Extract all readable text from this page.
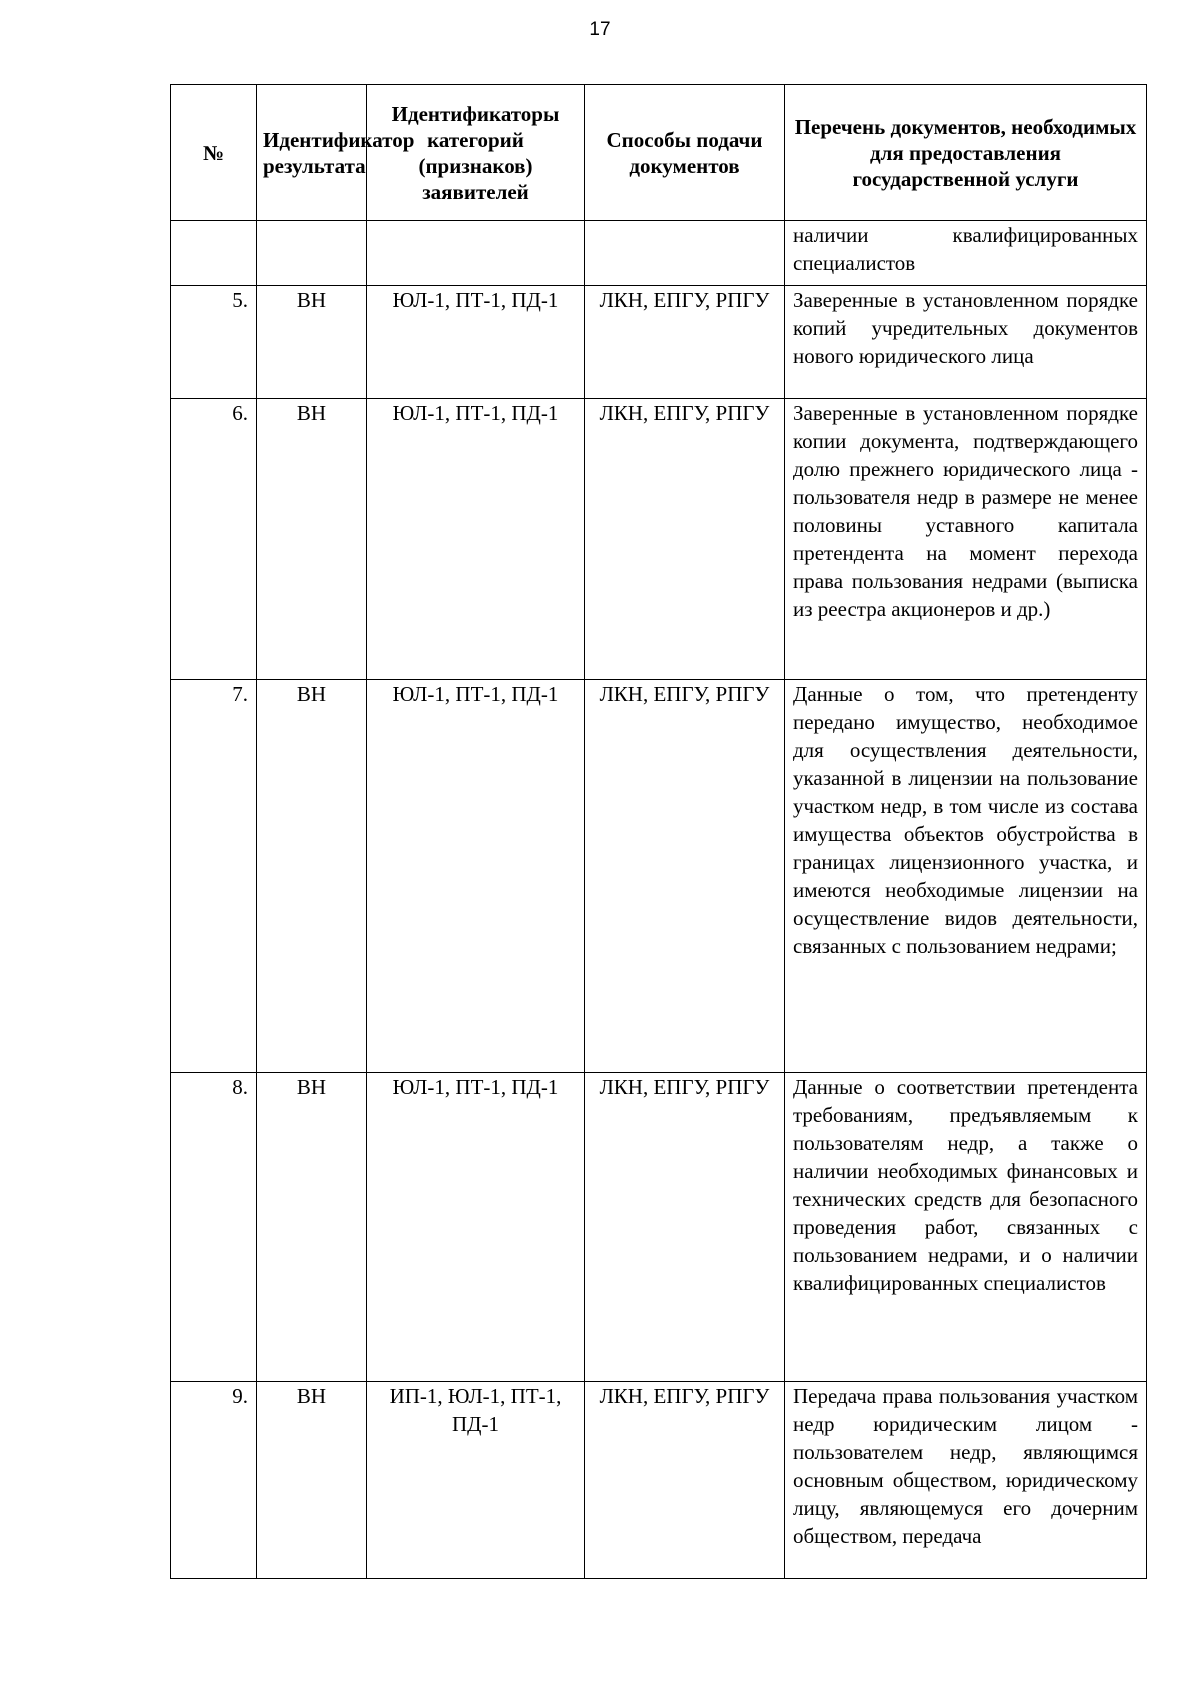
17
№	Идентификатор результата	Идентификаторы категорий (признаков) заявителей	Способы подачи документов	Перечень документов, необходимых для предоставления государственной услуги
				наличии квалифицированных специалистов
5.	ВН	ЮЛ-1, ПТ-1, ПД-1	ЛКН, ЕПГУ, РПГУ	Заверенные в установленном порядке копий учредительных документов нового юридического лица
6.	ВН	ЮЛ-1, ПТ-1, ПД-1	ЛКН, ЕПГУ, РПГУ	Заверенные в установленном порядке копии документа, подтверждающего долю прежнего юридического лица - пользователя недр в размере не менее половины уставного капитала претендента на момент перехода права пользования недрами (выписка из реестра акционеров и др.)
7.	ВН	ЮЛ-1, ПТ-1, ПД-1	ЛКН, ЕПГУ, РПГУ	Данные о том, что претенденту передано имущество, необходимое для осуществления деятельности, указанной в лицензии на пользование участком недр, в том числе из состава имущества объектов обустройства в границах лицензионного участка, и имеются необходимые лицензии на осуществление видов деятельности, связанных с пользованием недрами;
8.	ВН	ЮЛ-1, ПТ-1, ПД-1	ЛКН, ЕПГУ, РПГУ	Данные о соответствии претендента требованиям, предъявляемым к пользователям недр, а также о наличии необходимых финансовых и технических средств для безопасного проведения работ, связанных с пользованием недрами, и о наличии квалифицированных специалистов
9.	ВН	ИП-1, ЮЛ-1, ПТ-1, ПД-1	ЛКН, ЕПГУ, РПГУ	Передача права пользования участком недр юридическим лицом - пользователем недр, являющимся основным обществом, юридическому лицу, являющемуся его дочерним обществом, передача
